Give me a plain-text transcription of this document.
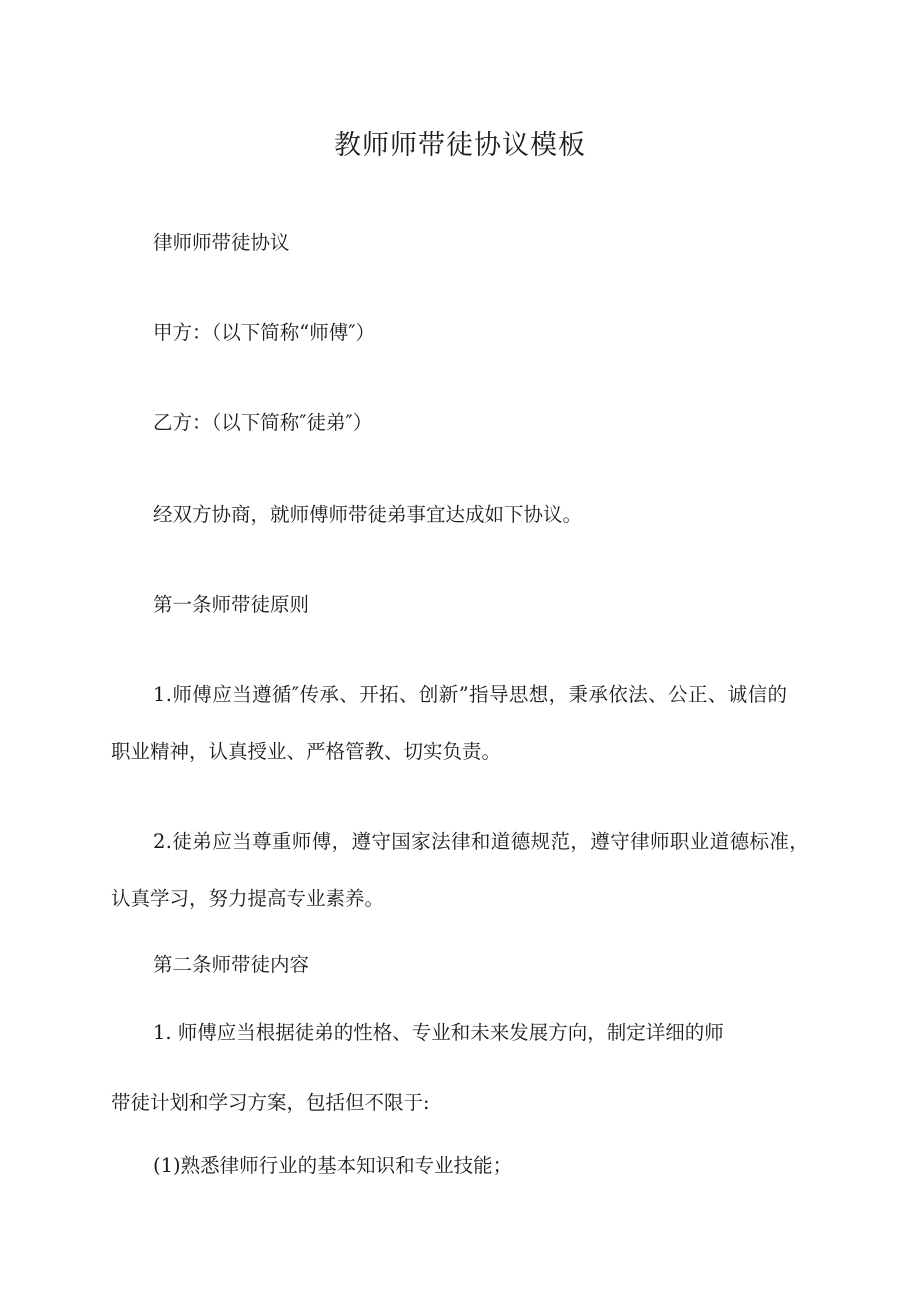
教师师带徒协议模板

律师师带徒协议

甲方：（以下简称“师傅″）

乙方：（以下简称″徒弟″）

经双方协商，就师傅师带徒弟事宜达成如下协议。

第一条师带徒原则

1.师傅应当遵循″传承、开拓、创新”指导思想，秉承依法、公正、诚信的

职业精神，认真授业、严格管教、切实负责。

2.徒弟应当尊重师傅，遵守国家法律和道德规范，遵守律师职业道德标准，

认真学习，努力提高专业素养。

第二条师带徒内容

1. 师傅应当根据徒弟的性格、专业和未来发展方向，制定详细的师

带徒计划和学习方案，包括但不限于:

(1)熟悉律师行业的基本知识和专业技能；
